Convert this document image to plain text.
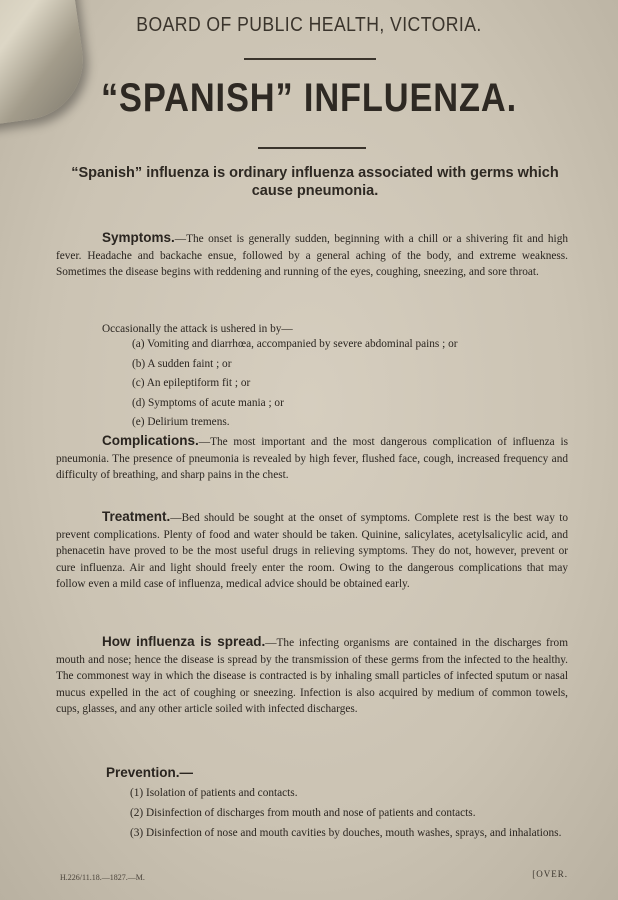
BOARD OF PUBLIC HEALTH, VICTORIA.
“SPANISH” INFLUENZA.
“Spanish” influenza is ordinary influenza associated with germs which cause pneumonia.

Symptoms.—The onset is generally sudden, beginning with a chill or a shivering fit and high fever. Headache and backache ensue, followed by a general aching of the body, and extreme weakness. Sometimes the disease begins with reddening and running of the eyes, coughing, sneezing, and sore throat.

Occasionally the attack is ushered in by—
(a) Vomiting and diarrhœa, accompanied by severe abdominal pains ; or
(b) A sudden faint ; or
(c) An epileptiform fit ; or
(d) Symptoms of acute mania ; or
(e) Delirium tremens.

Complications.—The most important and the most dangerous complication of influenza is pneumonia. The presence of pneumonia is revealed by high fever, flushed face, cough, increased frequency and difficulty of breathing, and sharp pains in the chest.

Treatment.—Bed should be sought at the onset of symptoms. Complete rest is the best way to prevent complications. Plenty of food and water should be taken. Quinine, salicylates, acetylsalicylic acid, and phenacetin have proved to be the most useful drugs in relieving symptoms. They do not, however, prevent or cure influenza. Air and light should freely enter the room. Owing to the dangerous complications that may follow even a mild case of influenza, medical advice should be obtained early.

How influenza is spread.—The infecting organisms are contained in the discharges from mouth and nose; hence the disease is spread by the transmission of these germs from the infected to the healthy. The commonest way in which the disease is contracted is by inhaling small particles of infected sputum or nasal mucus expelled in the act of coughing or sneezing. Infection is also acquired by medium of common towels, cups, glasses, and any other article soiled with infected discharges.

Prevention.—
(1) Isolation of patients and contacts.
(2) Disinfection of discharges from mouth and nose of patients and contacts.
(3) Disinfection of nose and mouth cavities by douches, mouth washes, sprays, and inhalations.
H.226/11.18.—1827.—M.	[OVER.
